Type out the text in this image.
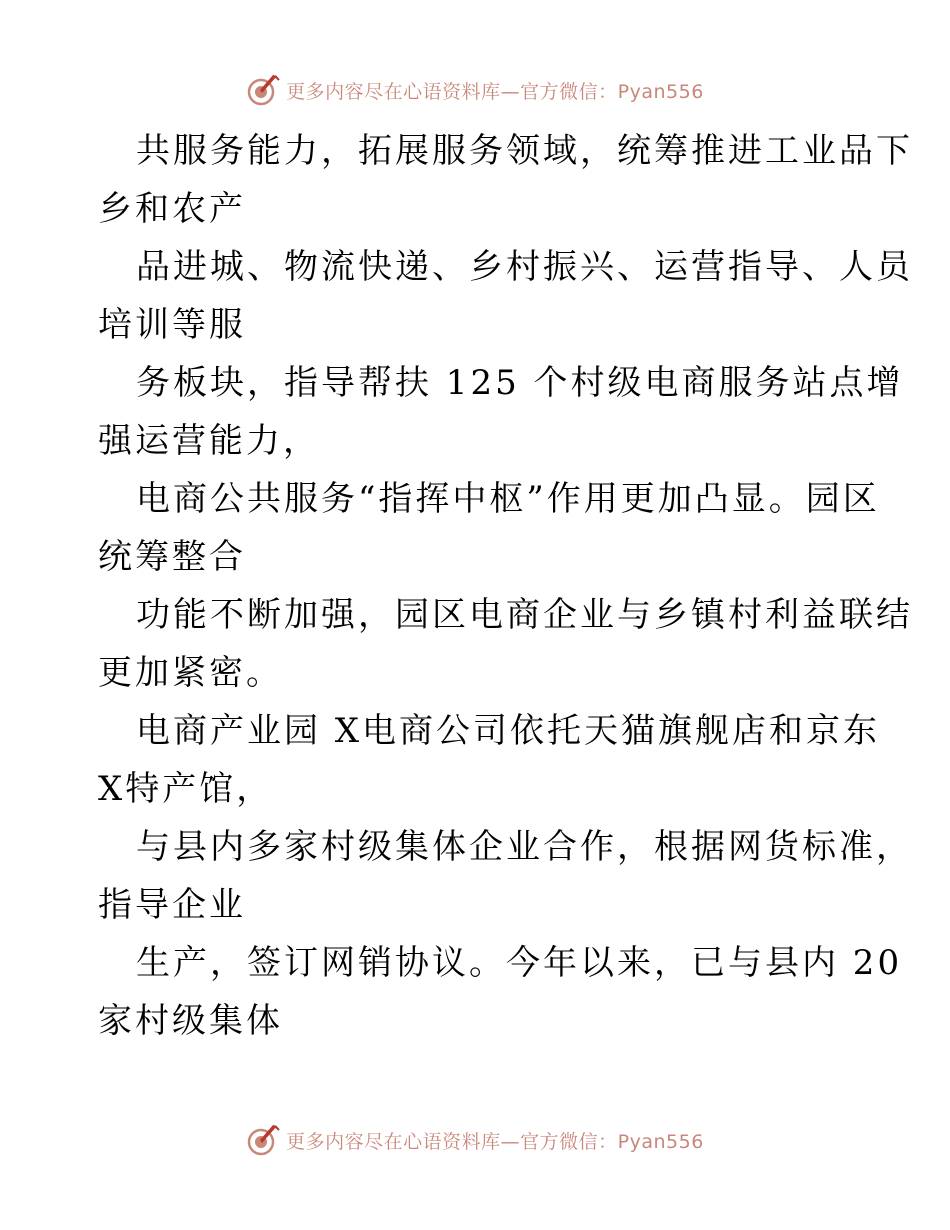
更多内容尽在心语资料库—官方微信：Pyan556

共服务能力，拓展服务领域，统筹推进工业品下
乡和农产

品进城、物流快递、乡村振兴、运营指导、人员
培训等服

务板块，指导帮扶 125 个村级电商服务站点增
强运营能力，

电商公共服务“指挥中枢”作用更加凸显。园区
统筹整合

功能不断加强，园区电商企业与乡镇村利益联结
更加紧密。

电商产业园 X电商公司依托天猫旗舰店和京东
X特产馆，

与县内多家村级集体企业合作，根据网货标准，
指导企业

生产，签订网销协议。今年以来，已与县内 20
家村级集体

更多内容尽在心语资料库—官方微信：Pyan556
